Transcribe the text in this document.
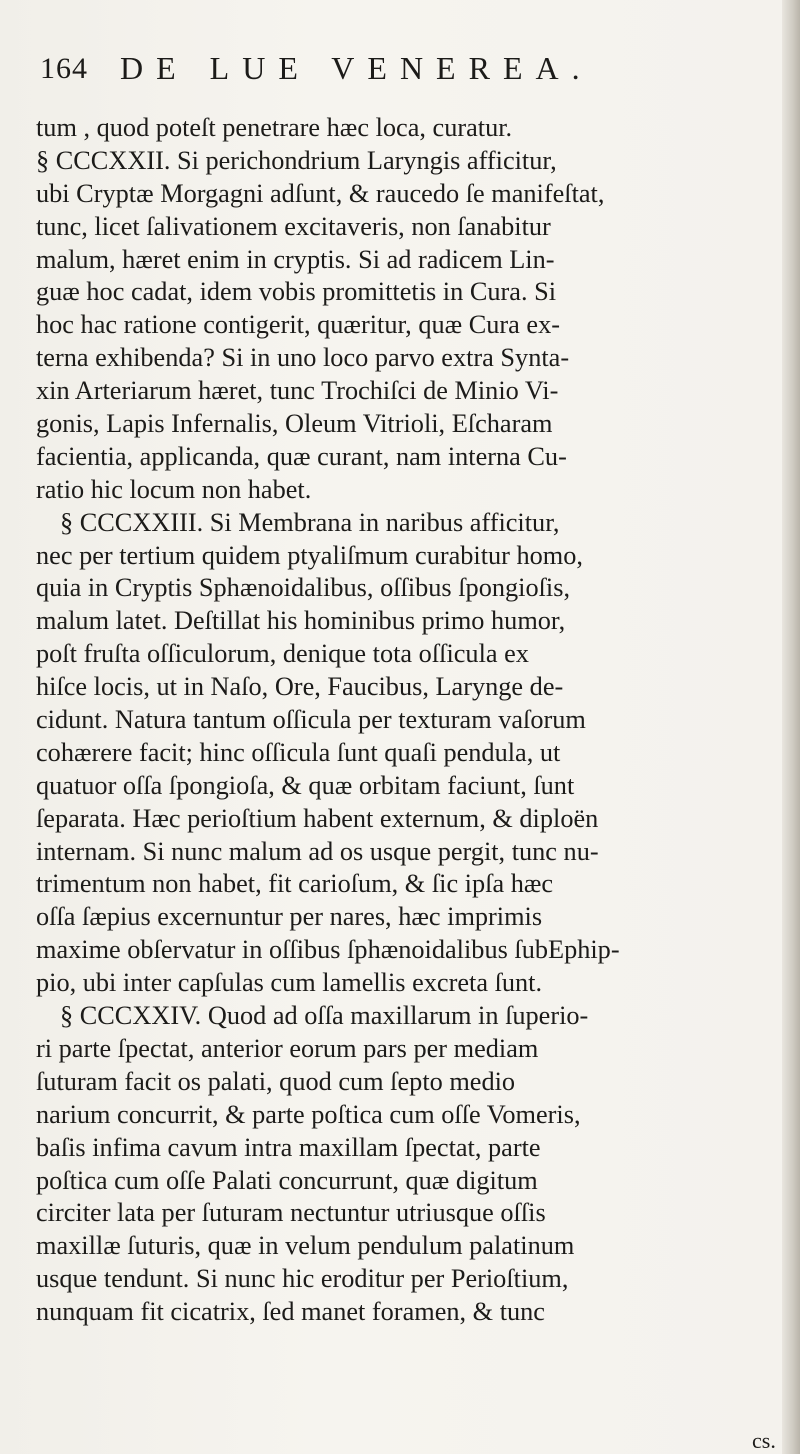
164 DE LUE VENEREA.
tum , quod poteſt penetrare hæc loca, curatur.
§ CCCXXII. Si perichondrium Laryngis afficitur,
ubi Cryptæ Morgagni adſunt, & raucedo ſe manifeſtat,
tunc, licet ſalivationem excitaveris, non ſanabitur
malum, hæret enim in cryptis. Si ad radicem Lin-
guæ hoc cadat, idem vobis promittetis in Cura. Si
hoc hac ratione contigerit, quæritur, quæ Cura ex-
terna exhibenda? Si in uno loco parvo extra Synta-
xin Arteriarum hæret, tunc Trochiſci de Minio Vi-
gonis, Lapis Infernalis, Oleum Vitrioli, Eſcharam
facientia, applicanda, quæ curant, nam interna Cu-
ratio hic locum non habet.
§ CCCXXIII. Si Membrana in naribus afficitur,
nec per tertium quidem ptyaliſmum curabitur homo,
quia in Cryptis Sphænoidalibus, oſſibus ſpongioſis,
malum latet. Deſtillat his hominibus primo humor,
poſt fruſta oſſiculorum, denique tota oſſicula ex
hiſce locis, ut in Naſo, Ore, Faucibus, Larynge de-
cidunt. Natura tantum oſſicula per texturam vaſorum
cohærere facit; hinc oſſicula ſunt quaſi pendula, ut
quatuor oſſa ſpongioſa, & quæ orbitam faciunt, ſunt
ſeparata. Hæc perioſtium habent externum, & diploën
internam. Si nunc malum ad os usque pergit, tunc nu-
trimentum non habet, fit carioſum, & ſic ipſa hæc
oſſa ſæpius excernuntur per nares, hæc imprimis
maxime obſervatur in oſſibus ſphænoidalibus ſubEphip-
pio, ubi inter capſulas cum lamellis excreta ſunt.
§ CCCXXIV. Quod ad oſſa maxillarum in ſuperio-
ri parte ſpectat, anterior eorum pars per mediam
ſuturam facit os palati, quod cum ſepto medio
narium concurrit, & parte poſtica cum oſſe Vomeris,
baſis infima cavum intra maxillam ſpectat, parte
poſtica cum oſſe Palati concurrunt, quæ digitum
circiter lata per ſuturam nectuntur utriusque oſſis
maxillæ ſuturis, quæ in velum pendulum palatinum
usque tendunt. Si nunc hic eroditur per Perioſtium,
nunquam fit cicatrix, ſed manet foramen, & tunc
cs.
